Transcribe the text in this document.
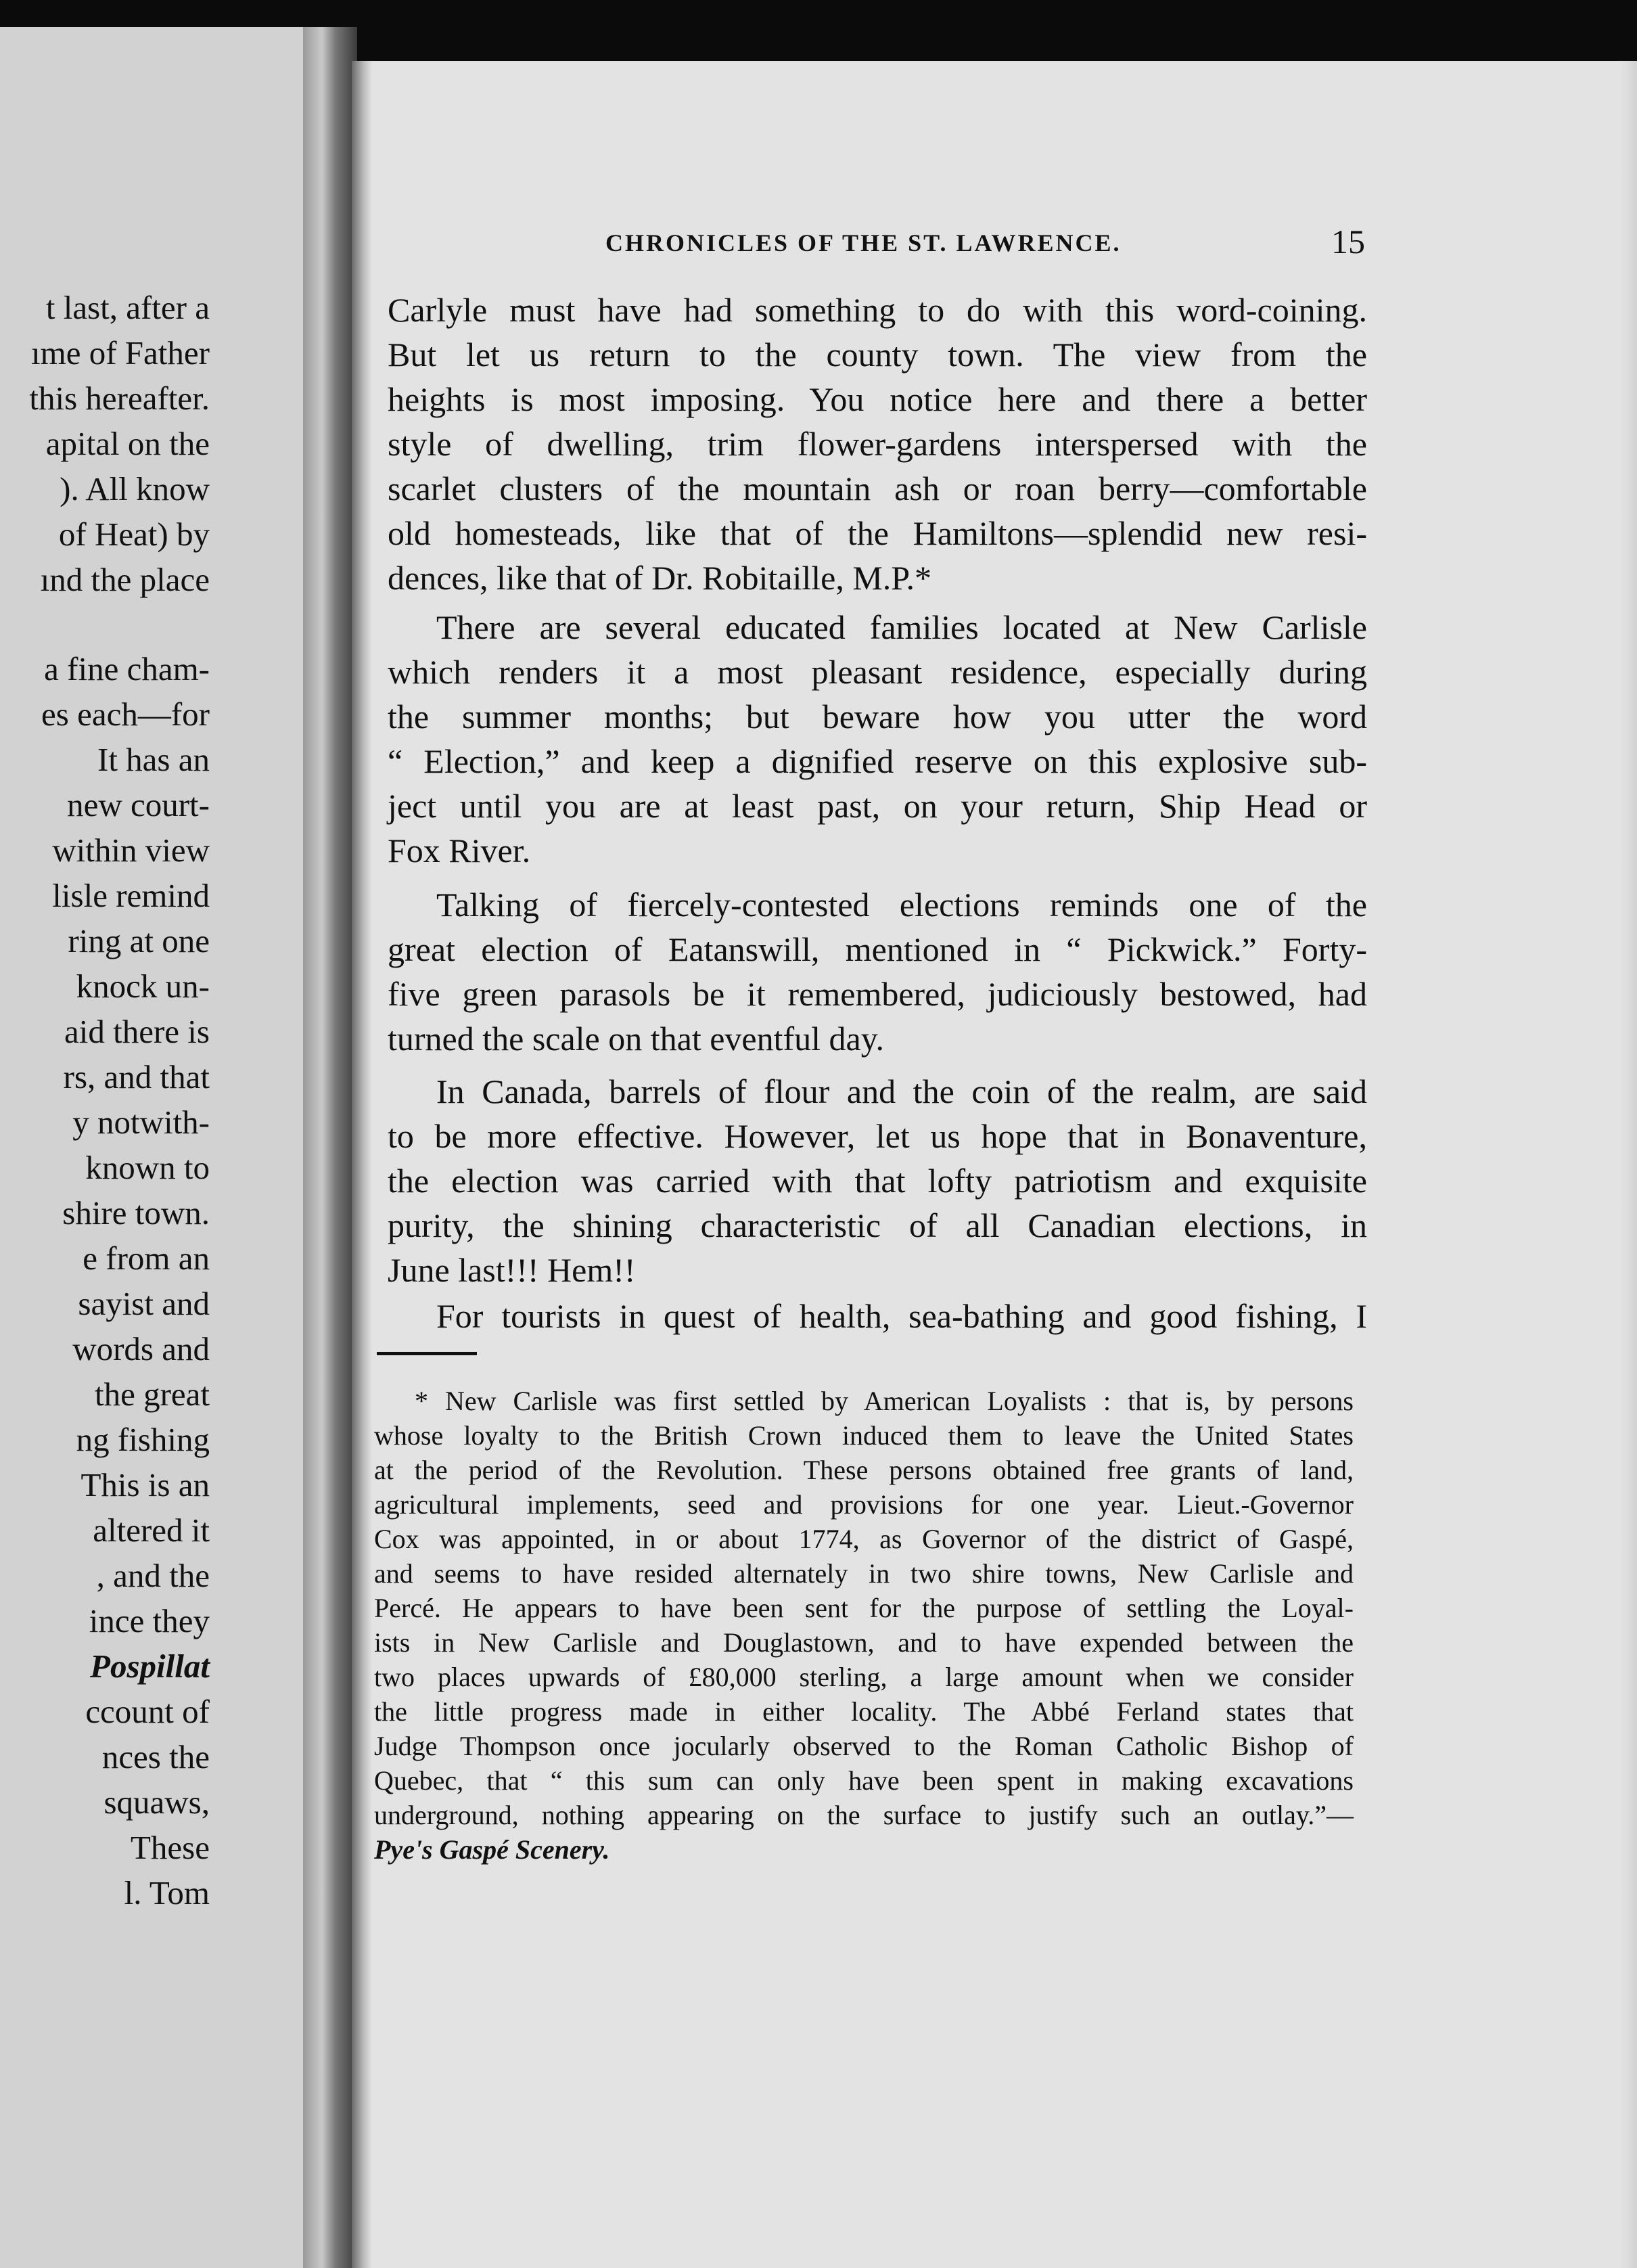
t last, after a
ıme of Father
this hereafter.
apital on the
). All know
of Heat) by
ınd the place
a fine cham-
es each—for
It has an
new court-
within view
lisle remind
ring at one
knock un-
aid there is
rs, and that
y notwith-
known to
shire town.
e from an
sayist and
words and
the great
ng fishing
This is an
altered it
, and the
ince they
Pospillat
ccount of
nces the
squaws,
These
l. Tom
CHRONICLES OF THE ST. LAWRENCE.	15
Carlyle must have had something to do with this word-coining.
But let us return to the county town. The view from the
heights is most imposing. You notice here and there a better
style of dwelling, trim flower-gardens interspersed with the
scarlet clusters of the mountain ash or roan berry—comfortable
old homesteads, like that of the Hamiltons—splendid new resi-
dences, like that of Dr. Robitaille, M.P.*
There are several educated families located at New Carlisle
which renders it a most pleasant residence, especially during
the summer months; but beware how you utter the word
“ Election,” and keep a dignified reserve on this explosive sub-
ject until you are at least past, on your return, Ship Head or
Fox River.
Talking of fiercely-contested elections reminds one of the
great election of Eatanswill, mentioned in “ Pickwick.” Forty-
five green parasols be it remembered, judiciously bestowed, had
turned the scale on that eventful day.
In Canada, barrels of flour and the coin of the realm, are said
to be more effective. However, let us hope that in Bonaventure,
the election was carried with that lofty patriotism and exquisite
purity, the shining characteristic of all Canadian elections, in
June last!!! Hem!!
For tourists in quest of health, sea-bathing and good fishing, I
* New Carlisle was first settled by American Loyalists : that is, by persons
whose loyalty to the British Crown induced them to leave the United States
at the period of the Revolution. These persons obtained free grants of land,
agricultural implements, seed and provisions for one year. Lieut.-Governor
Cox was appointed, in or about 1774, as Governor of the district of Gaspé,
and seems to have resided alternately in two shire towns, New Carlisle and
Percé. He appears to have been sent for the purpose of settling the Loyal-
ists in New Carlisle and Douglastown, and to have expended between the
two places upwards of £80,000 sterling, a large amount when we consider
the little progress made in either locality. The Abbé Ferland states that
Judge Thompson once jocularly observed to the Roman Catholic Bishop of
Quebec, that “ this sum can only have been spent in making excavations
underground, nothing appearing on the surface to justify such an outlay.”—
Pye's Gaspé Scenery.
